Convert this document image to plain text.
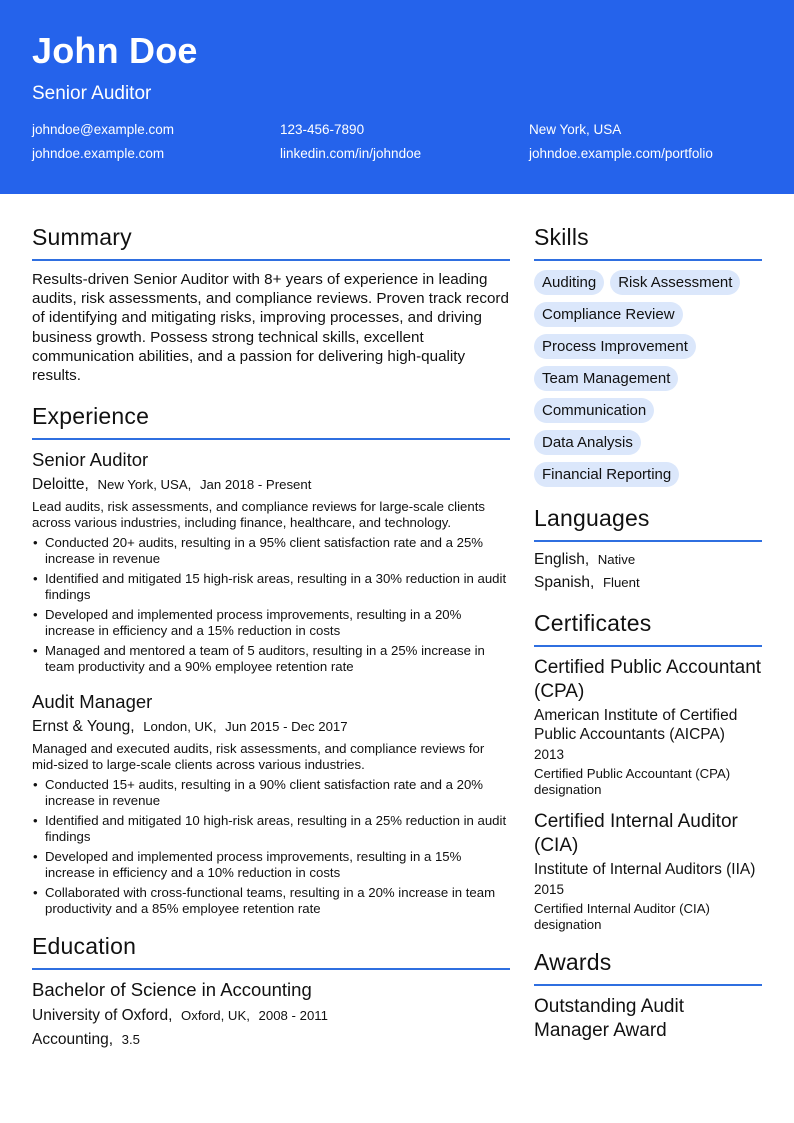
John Doe
Senior Auditor
johndoe@example.com	123-456-7890	New York, USA
johndoe.example.com	linkedin.com/in/johndoe	johndoe.example.com/portfolio
Summary

Results-driven Senior Auditor with 8+ years of experience in leading audits, risk assessments, and compliance reviews. Proven track record of identifying and mitigating risks, improving processes, and driving business growth. Possess strong technical skills, excellent communication abilities, and a passion for delivering high-quality results.

Experience
Senior Auditor
Deloitte, New York, USA, Jan 2018 - Present

Lead audits, risk assessments, and compliance reviews for large-scale clients across various industries, including finance, healthcare, and technology.

• Conducted 20+ audits, resulting in a 95% client satisfaction rate and a 25% increase in revenue
• Identified and mitigated 15 high-risk areas, resulting in a 30% reduction in audit findings
• Developed and implemented process improvements, resulting in a 20% increase in efficiency and a 15% reduction in costs
• Managed and mentored a team of 5 auditors, resulting in a 25% increase in team productivity and a 90% employee retention rate
Audit Manager
Ernst & Young, London, UK, Jun 2015 - Dec 2017

Managed and executed audits, risk assessments, and compliance reviews for mid-sized to large-scale clients across various industries.

• Conducted 15+ audits, resulting in a 90% client satisfaction rate and a 20% increase in revenue
• Identified and mitigated 10 high-risk areas, resulting in a 25% reduction in audit findings
• Developed and implemented process improvements, resulting in a 15% increase in efficiency and a 10% reduction in costs
• Collaborated with cross-functional teams, resulting in a 20% increase in team productivity and a 85% employee retention rate
Education
Bachelor of Science in Accounting
University of Oxford, Oxford, UK, 2008 - 2011
Accounting, 3.5
Skills
Auditing	Risk Assessment
Compliance Review
Process Improvement
Team Management
Communication
Data Analysis
Financial Reporting
Languages
English, Native
Spanish, Fluent
Certificates
Certified Public Accountant (CPA)
American Institute of Certified Public Accountants (AICPA)
2013
Certified Public Accountant (CPA) designation
Certified Internal Auditor (CIA)
Institute of Internal Auditors (IIA)
2015
Certified Internal Auditor (CIA) designation
Awards
Outstanding Audit Manager Award
